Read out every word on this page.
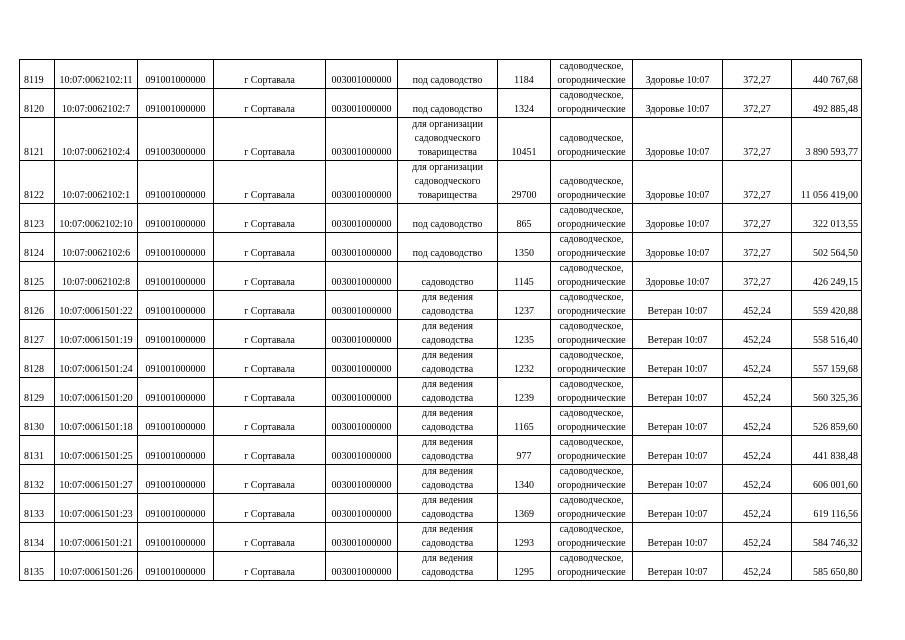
8119	10:07:0062102:11	091001000000	г Сортавала	003001000000	под садоводство	1184	садоводческое,
огороднические	Здоровье 10:07	372,27	440 767,68
8120	10:07:0062102:7	091001000000	г Сортавала	003001000000	под садоводство	1324	садоводческое,
огороднические	Здоровье 10:07	372,27	492 885,48
8121	10:07:0062102:4	091003000000	г Сортавала	003001000000	для организации
садоводческого
товарищества	10451	садоводческое,
огороднические	Здоровье 10:07	372,27	3 890 593,77
8122	10:07:0062102:1	091001000000	г Сортавала	003001000000	для организации
садоводческого
товарищества	29700	садоводческое,
огороднические	Здоровье 10:07	372,27	11 056 419,00
8123	10:07:0062102:10	091001000000	г Сортавала	003001000000	под садоводство	865	садоводческое,
огороднические	Здоровье 10:07	372,27	322 013,55
8124	10:07:0062102:6	091001000000	г Сортавала	003001000000	под садоводство	1350	садоводческое,
огороднические	Здоровье 10:07	372,27	502 564,50
8125	10:07:0062102:8	091001000000	г Сортавала	003001000000	садоводство	1145	садоводческое,
огороднические	Здоровье 10:07	372,27	426 249,15
8126	10:07:0061501:22	091001000000	г Сортавала	003001000000	для ведения
садоводства	1237	садоводческое,
огороднические	Ветеран 10:07	452,24	559 420,88
8127	10:07:0061501:19	091001000000	г Сортавала	003001000000	для ведения
садоводства	1235	садоводческое,
огороднические	Ветеран 10:07	452,24	558 516,40
8128	10:07:0061501:24	091001000000	г Сортавала	003001000000	для ведения
садоводства	1232	садоводческое,
огороднические	Ветеран 10:07	452,24	557 159,68
8129	10:07:0061501:20	091001000000	г Сортавала	003001000000	для ведения
садоводства	1239	садоводческое,
огороднические	Ветеран 10:07	452,24	560 325,36
8130	10:07:0061501:18	091001000000	г Сортавала	003001000000	для ведения
садоводства	1165	садоводческое,
огороднические	Ветеран 10:07	452,24	526 859,60
8131	10:07:0061501:25	091001000000	г Сортавала	003001000000	для ведения
садоводства	977	садоводческое,
огороднические	Ветеран 10:07	452,24	441 838,48
8132	10:07:0061501:27	091001000000	г Сортавала	003001000000	для ведения
садоводства	1340	садоводческое,
огороднические	Ветеран 10:07	452,24	606 001,60
8133	10:07:0061501:23	091001000000	г Сортавала	003001000000	для ведения
садоводства	1369	садоводческое,
огороднические	Ветеран 10:07	452,24	619 116,56
8134	10:07:0061501:21	091001000000	г Сортавала	003001000000	для ведения
садоводства	1293	садоводческое,
огороднические	Ветеран 10:07	452,24	584 746,32
8135	10:07:0061501:26	091001000000	г Сортавала	003001000000	для ведения
садоводства	1295	садоводческое,
огороднические	Ветеран 10:07	452,24	585 650,80
